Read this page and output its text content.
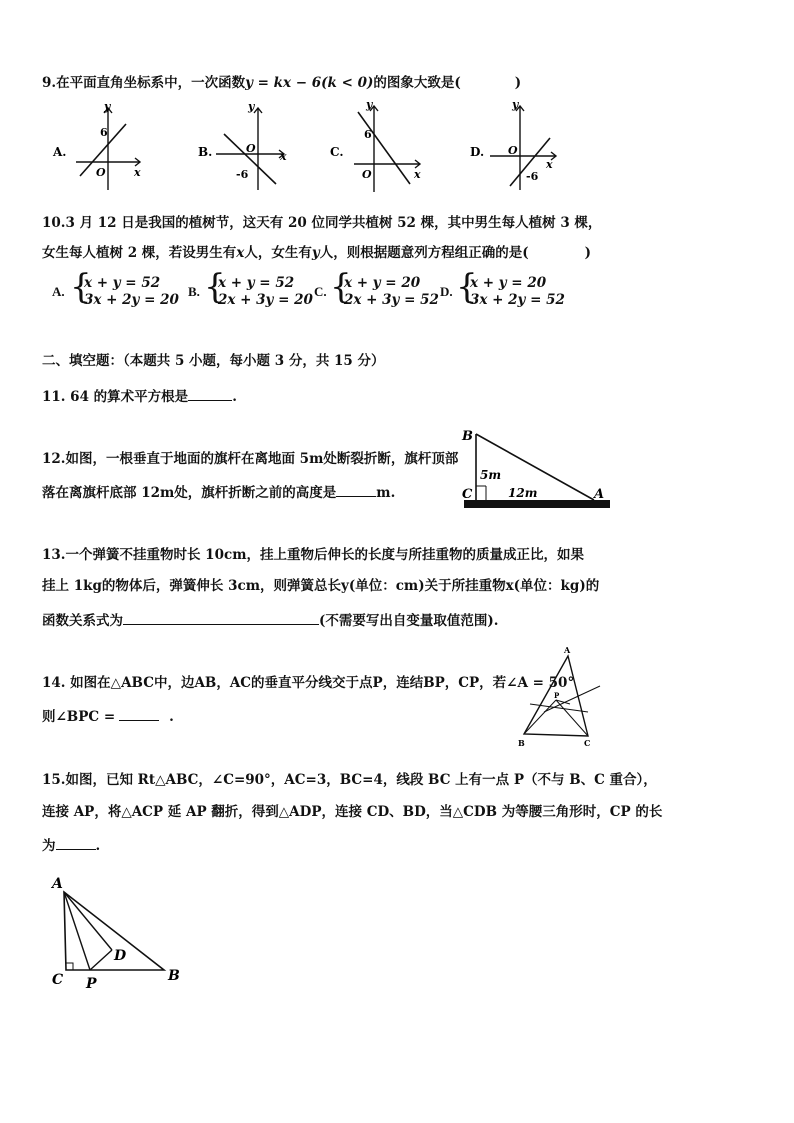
9.在平面直角坐标系中，一次函数y = kx − 6(k < 0)的图象大致是(	)
A.
6
y
x
O
B.
-6
y
x
O	C.
6
y
x
O
D.
-6
y
x
O
10.3 月 12 日是我国的植树节，这天有 20 位同学共植树 52 棵，其中男生每人植树 3 棵，
女生每人植树 2 棵，若设男生有x人，女生有y人，则根据题意列方程组正确的是(	)
A. {
x + y = 52
3x + 2y = 20
B. {
x + y = 52
2x + 3y = 20
C. {
x + y = 20
2x + 3y = 52
D. {
x + y = 20
3x + 2y = 52
二、填空题：（本题共 5 小题，每小题 3 分，共 15 分）
11. 64 的算术平方根是	.
12.如图，一根垂直于地面的旗杆在离地面 5m处断裂折断，旗杆顶部
落在离旗杆底部 12m处，旗杆折断之前的高度是	m.
B
C	A
5m
12m
13.一个弹簧不挂重物时长 10cm，挂上重物后伸长的长度与所挂重物的质量成正比，如果
挂上 1kg的物体后，弹簧伸长 3cm，则弹簧总长y(单位：cm)关于所挂重物x(单位：kg)的
函数关系式为	(不需要写出自变量取值范围).
14. 如图在△ABC中，边AB，AC的垂直平分线交于点P，连结BP，CP，若∠A = 50°
则∠BPC =	.
A
B	C
P
15.如图，已知 Rt△ABC，∠C=90°，AC=3，BC=4，线段 BC 上有一点 P（不与 B、C 重合），
连接 AP，将△ACP 延 AP 翻折，得到△ADP，连接 CD、BD，当△CDB 为等腰三角形时，CP 的长
为	.
A
C P	B
D
